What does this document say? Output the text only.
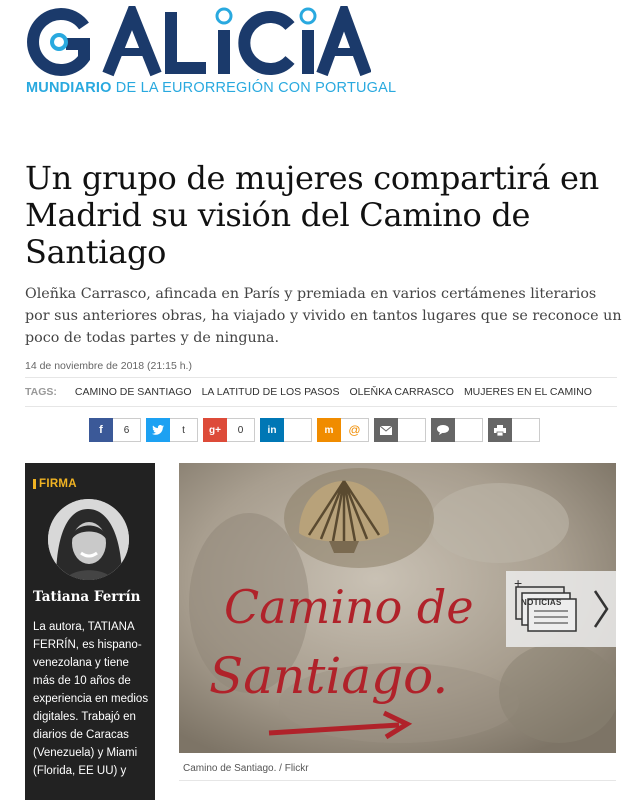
MUNDIARIO DE LA EURORREGIÓN CON PORTUGAL
Un grupo de mujeres compartirá en Madrid su visión del Camino de Santiago

Oleñka Carrasco, afincada en París y premiada en varios certámenes literarios por sus anteriores obras, ha viajado y vivido en tantos lugares que se reconoce un poco de todas partes y de ninguna.

14 de noviembre de 2018 (21:15 h.)
TAGS: CAMINO DE SANTIAGO LA LATITUD DE LOS PASOS OLEŇKA CARRASCO MUJERES EN EL CAMINO
f	6	t	g+	0	in	m	@
FIRMA
Tatiana Ferrín
La autora, TATIANA FERRÍN, es hispano-venezolana y tiene más de 10 años de experiencia en medios digitales. Trabajó en diarios de Caracas (Venezuela) y Miami (Florida, EE UU) y
Camino de
Santiago.
+
NOTICIAS
Camino de Santiago. / Flickr
